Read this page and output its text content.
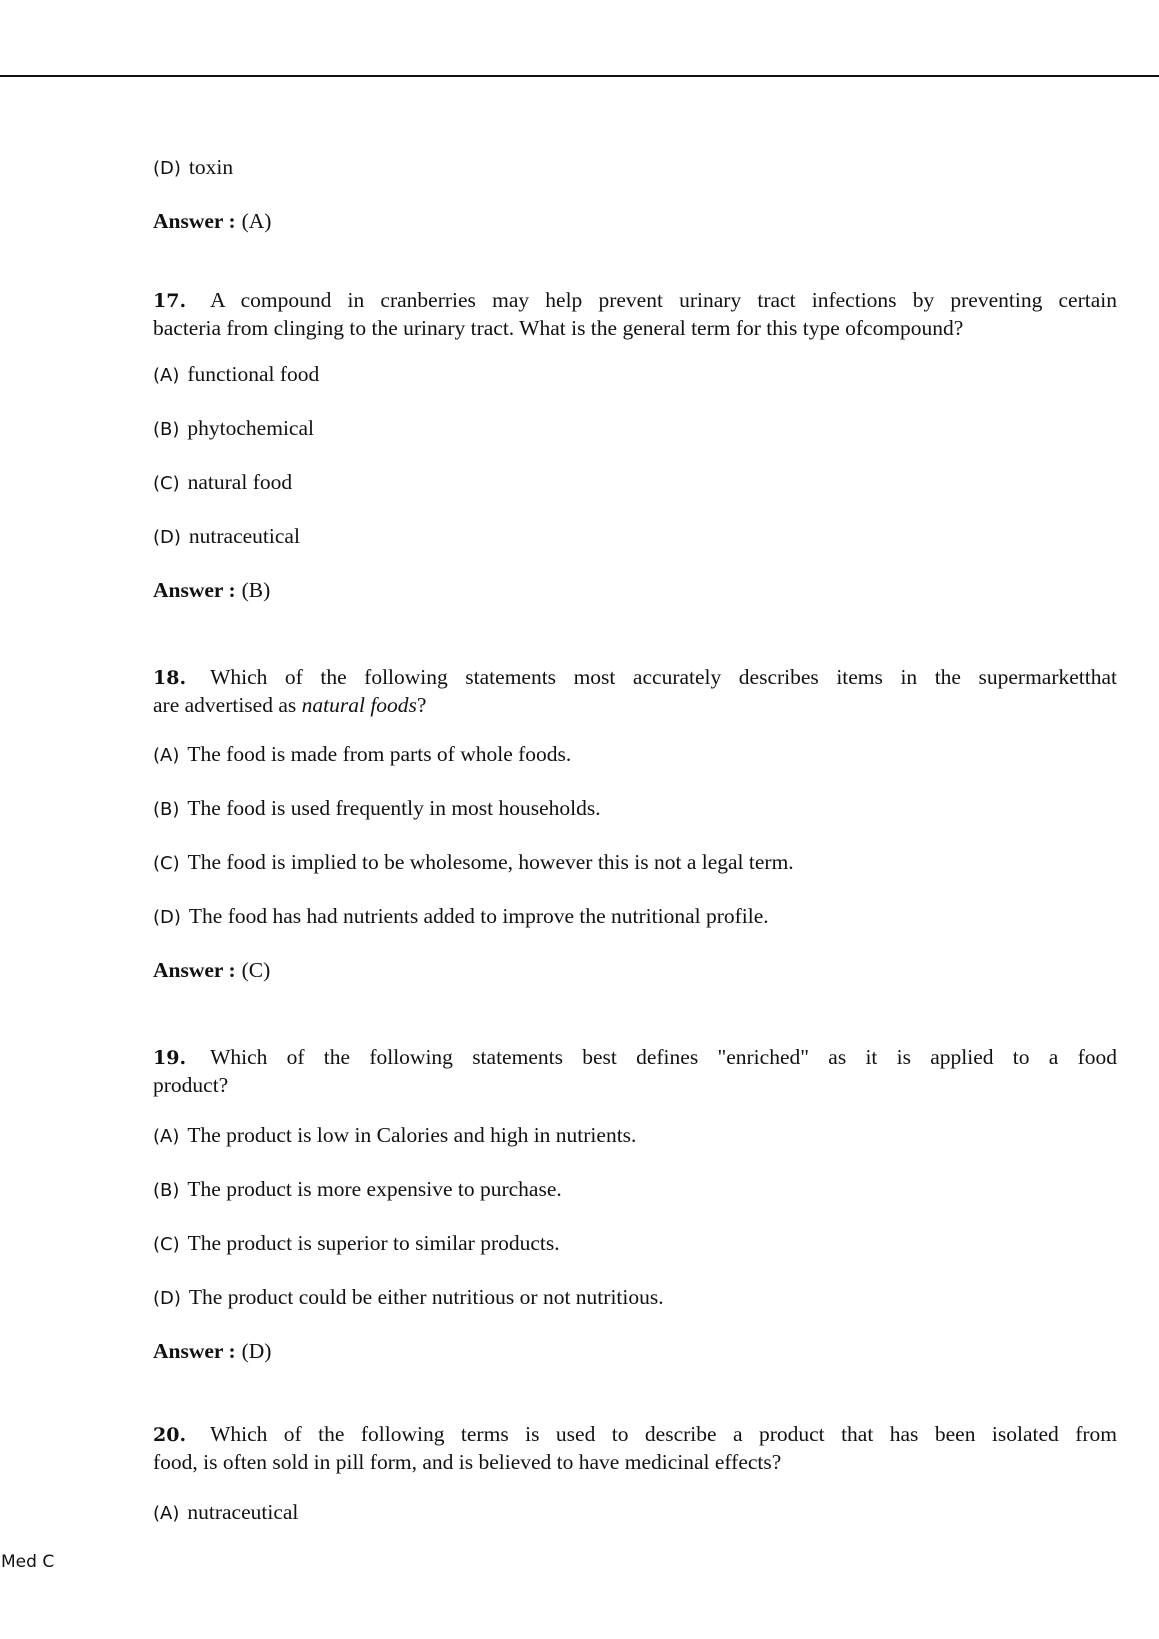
(D) toxin
Answer : (A)
17. A compound in cranberries may help prevent urinary tract infections by preventing certain
bacteria from clinging to the urinary tract. What is the general term for this type ofcompound?
(A) functional food
(B) phytochemical
(C) natural food
(D) nutraceutical
Answer : (B)
18. Which of the following statements most accurately describes items in the supermarketthat
are advertised as natural foods?
(A) The food is made from parts of whole foods.
(B) The food is used frequently in most households.
(C) The food is implied to be wholesome, however this is not a legal term.
(D) The food has had nutrients added to improve the nutritional profile.
Answer : (C)
19. Which of the following statements best defines "enriched" as it is applied to a food
product?
(A) The product is low in Calories and high in nutrients.
(B) The product is more expensive to purchase.
(C) The product is superior to similar products.
(D) The product could be either nutritious or not nutritious.
Answer : (D)
20. Which of the following terms is used to describe a product that has been isolated from
food, is often sold in pill form, and is believed to have medicinal effects?
(A) nutraceutical
Med C
